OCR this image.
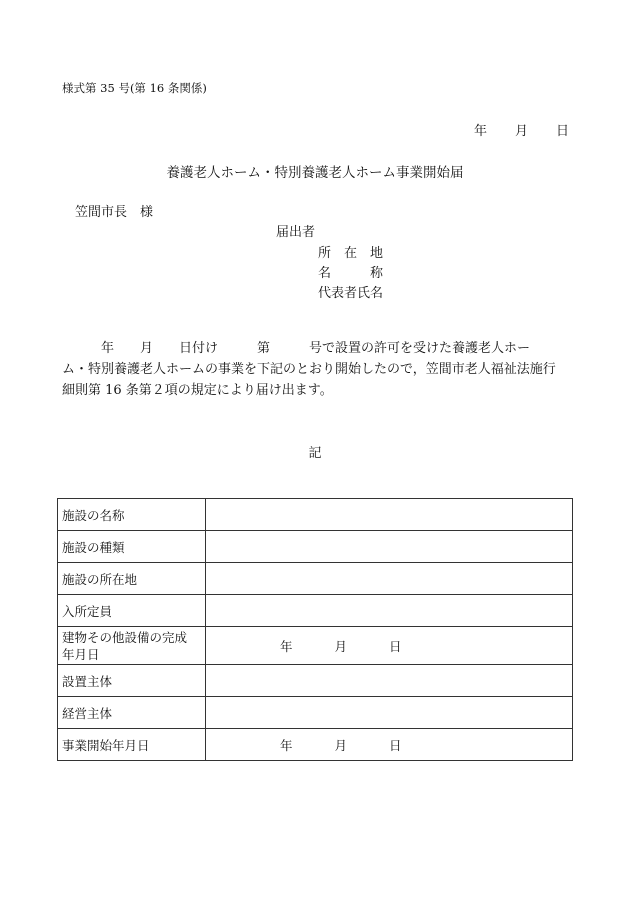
様式第 35 号(第 16 条関係)
年 月 日
養護老人ホーム・特別養護老人ホーム事業開始届
笠間市長　様
届出者
所　在　地
名　　　称
代表者氏名
　　　年　　月　　日付け　　　第　　　号で設置の許可を受けた養護老人ホー
ム・特別養護老人ホームの事業を下記のとおり開始したので，笠間市老人福祉法施行
細則第 16 条第２項の規定により届け出ます。
記
施設の名称	
施設の種類	
施設の所在地	
入所定員	
建物その他設備の完成
年月日	年 月 日

設置主体	
経営主体	
事業開始年月日	年 月 日
